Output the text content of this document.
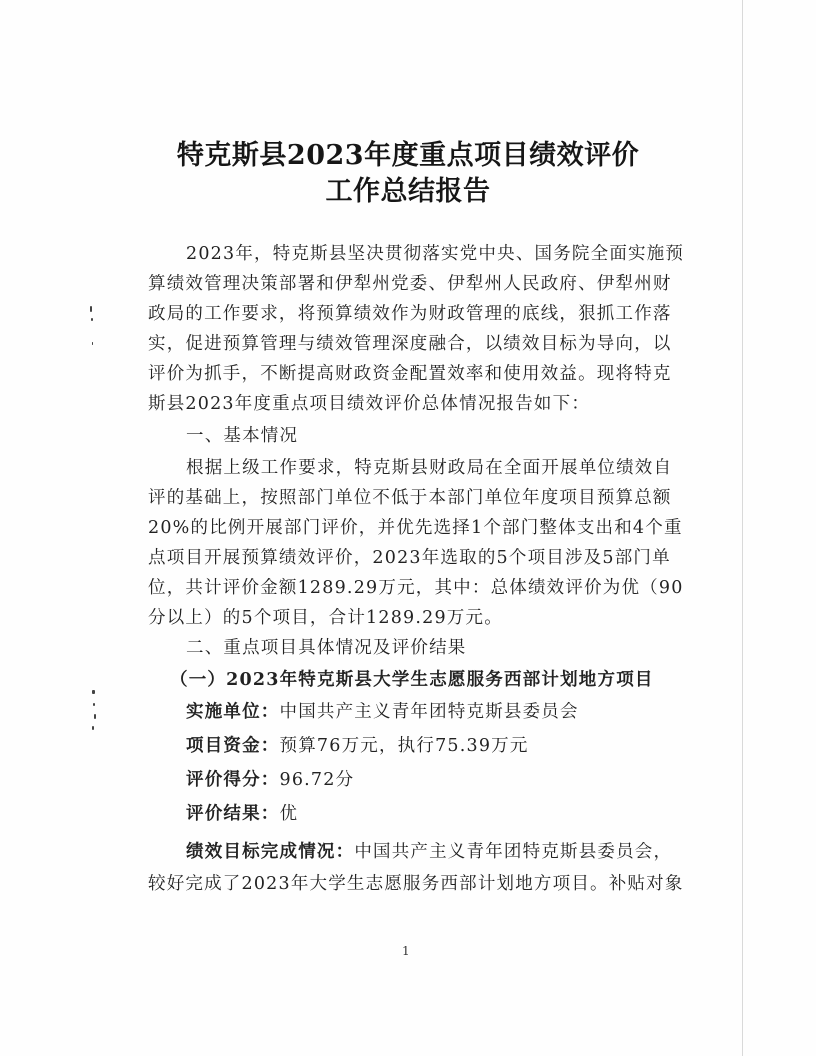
特克斯县2023年度重点项目绩效评价
工作总结报告
2023年，特克斯县坚决贯彻落实党中央、国务院全面实施预
算绩效管理决策部署和伊犁州党委、伊犁州人民政府、伊犁州财
政局的工作要求，将预算绩效作为财政管理的底线，狠抓工作落
实，促进预算管理与绩效管理深度融合，以绩效目标为导向，以
评价为抓手，不断提高财政资金配置效率和使用效益。现将特克
斯县2023年度重点项目绩效评价总体情况报告如下：
一、基本情况
根据上级工作要求，特克斯县财政局在全面开展单位绩效自
评的基础上，按照部门单位不低于本部门单位年度项目预算总额
20%的比例开展部门评价，并优先选择1个部门整体支出和4个重
点项目开展预算绩效评价，2023年选取的5个项目涉及5部门单
位，共计评价金额1289.29万元，其中：总体绩效评价为优（90
分以上）的5个项目，合计1289.29万元。
二、重点项目具体情况及评价结果
（一）2023年特克斯县大学生志愿服务西部计划地方项目
实施单位：中国共产主义青年团特克斯县委员会
项目资金：预算76万元，执行75.39万元
评价得分：96.72分
评价结果：优
绩效目标完成情况：中国共产主义青年团特克斯县委员会，
较好完成了2023年大学生志愿服务西部计划地方项目。补贴对象
1
